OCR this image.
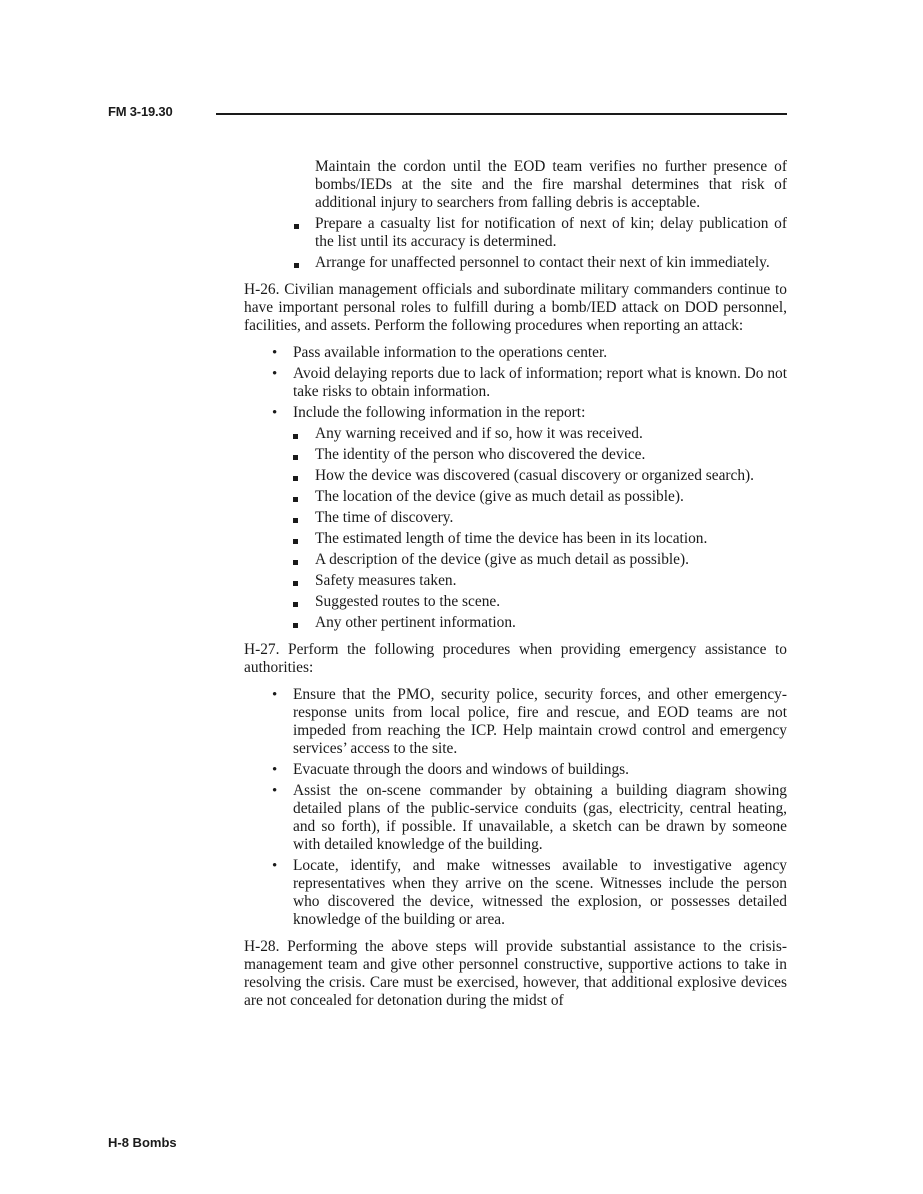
FM 3-19.30

Maintain the cordon until the EOD team verifies no further presence of bombs/IEDs at the site and the fire marshal determines that risk of additional injury to searchers from falling debris is acceptable.

Prepare a casualty list for notification of next of kin; delay publication of the list until its accuracy is determined.
Arrange for unaffected personnel to contact their next of kin immediately.

H-26. Civilian management officials and subordinate military commanders continue to have important personal roles to fulfill during a bomb/IED attack on DOD personnel, facilities, and assets. Perform the following procedures when reporting an attack:

• Pass available information to the operations center.
• Avoid delaying reports due to lack of information; report what is known. Do not take risks to obtain information.
• Include the following information in the report:
Any warning received and if so, how it was received.
The identity of the person who discovered the device.
How the device was discovered (casual discovery or organized search).
The location of the device (give as much detail as possible).
The time of discovery.
The estimated length of time the device has been in its location.
A description of the device (give as much detail as possible).
Safety measures taken.
Suggested routes to the scene.
Any other pertinent information.

H-27. Perform the following procedures when providing emergency assistance to authorities:

• Ensure that the PMO, security police, security forces, and other emergency-response units from local police, fire and rescue, and EOD teams are not impeded from reaching the ICP. Help maintain crowd control and emergency services’ access to the site.
• Evacuate through the doors and windows of buildings.
• Assist the on-scene commander by obtaining a building diagram showing detailed plans of the public-service conduits (gas, electricity, central heating, and so forth), if possible. If unavailable, a sketch can be drawn by someone with detailed knowledge of the building.
• Locate, identify, and make witnesses available to investigative agency representatives when they arrive on the scene. Witnesses include the person who discovered the device, witnessed the explosion, or possesses detailed knowledge of the building or area.

H-28. Performing the above steps will provide substantial assistance to the crisis-management team and give other personnel constructive, supportive actions to take in resolving the crisis. Care must be exercised, however, that additional explosive devices are not concealed for detonation during the midst of

H-8 Bombs
